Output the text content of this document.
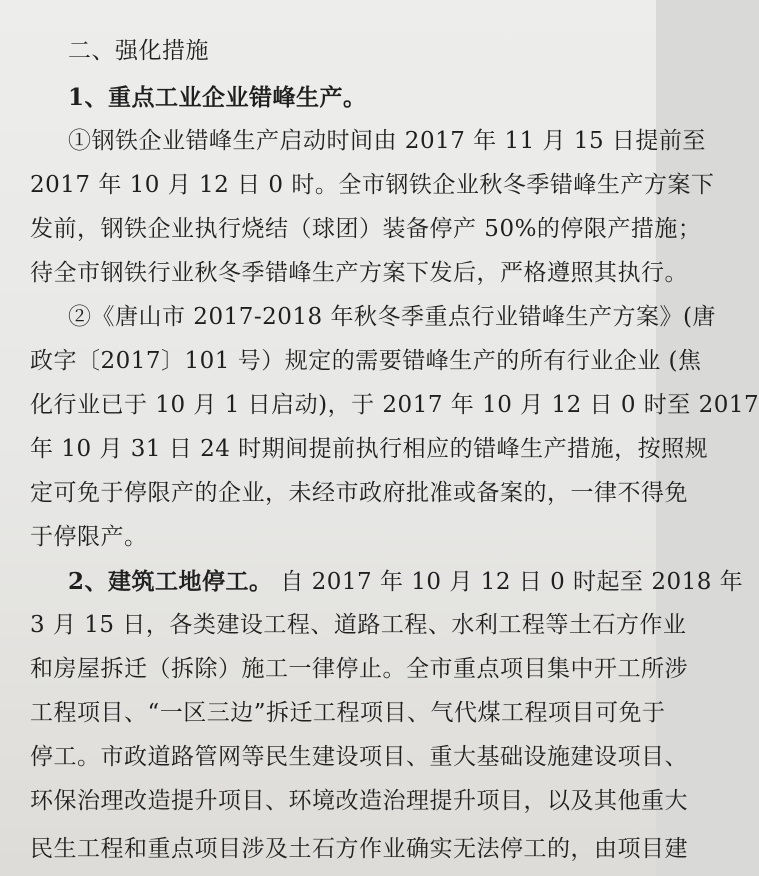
二、强化措施
1、重点工业企业错峰生产。
①钢铁企业错峰生产启动时间由 2017 年 11 月 15 日提前至
2017 年 10 月 12 日 0 时。全市钢铁企业秋冬季错峰生产方案下
发前，钢铁企业执行烧结（球团）装备停产 50%的停限产措施；
待全市钢铁行业秋冬季错峰生产方案下发后，严格遵照其执行。
②《唐山市 2017-2018 年秋冬季重点行业错峰生产方案》(唐
政字〔2017〕101 号）规定的需要错峰生产的所有行业企业 (焦
化行业已于 10 月 1 日启动)，于 2017 年 10 月 12 日 0 时至 2017
年 10 月 31 日 24 时期间提前执行相应的错峰生产措施，按照规
定可免于停限产的企业，未经市政府批准或备案的，一律不得免
于停限产。
2、建筑工地停工。 自 2017 年 10 月 12 日 0 时起至 2018 年
3 月 15 日，各类建设工程、道路工程、水利工程等土石方作业
和房屋拆迁（拆除）施工一律停止。全市重点项目集中开工所涉
工程项目、“一区三边”拆迁工程项目、气代煤工程项目可免于
停工。市政道路管网等民生建设项目、重大基础设施建设项目、
环保治理改造提升项目、环境改造治理提升项目，以及其他重大
民生工程和重点项目涉及土石方作业确实无法停工的，由项目建
